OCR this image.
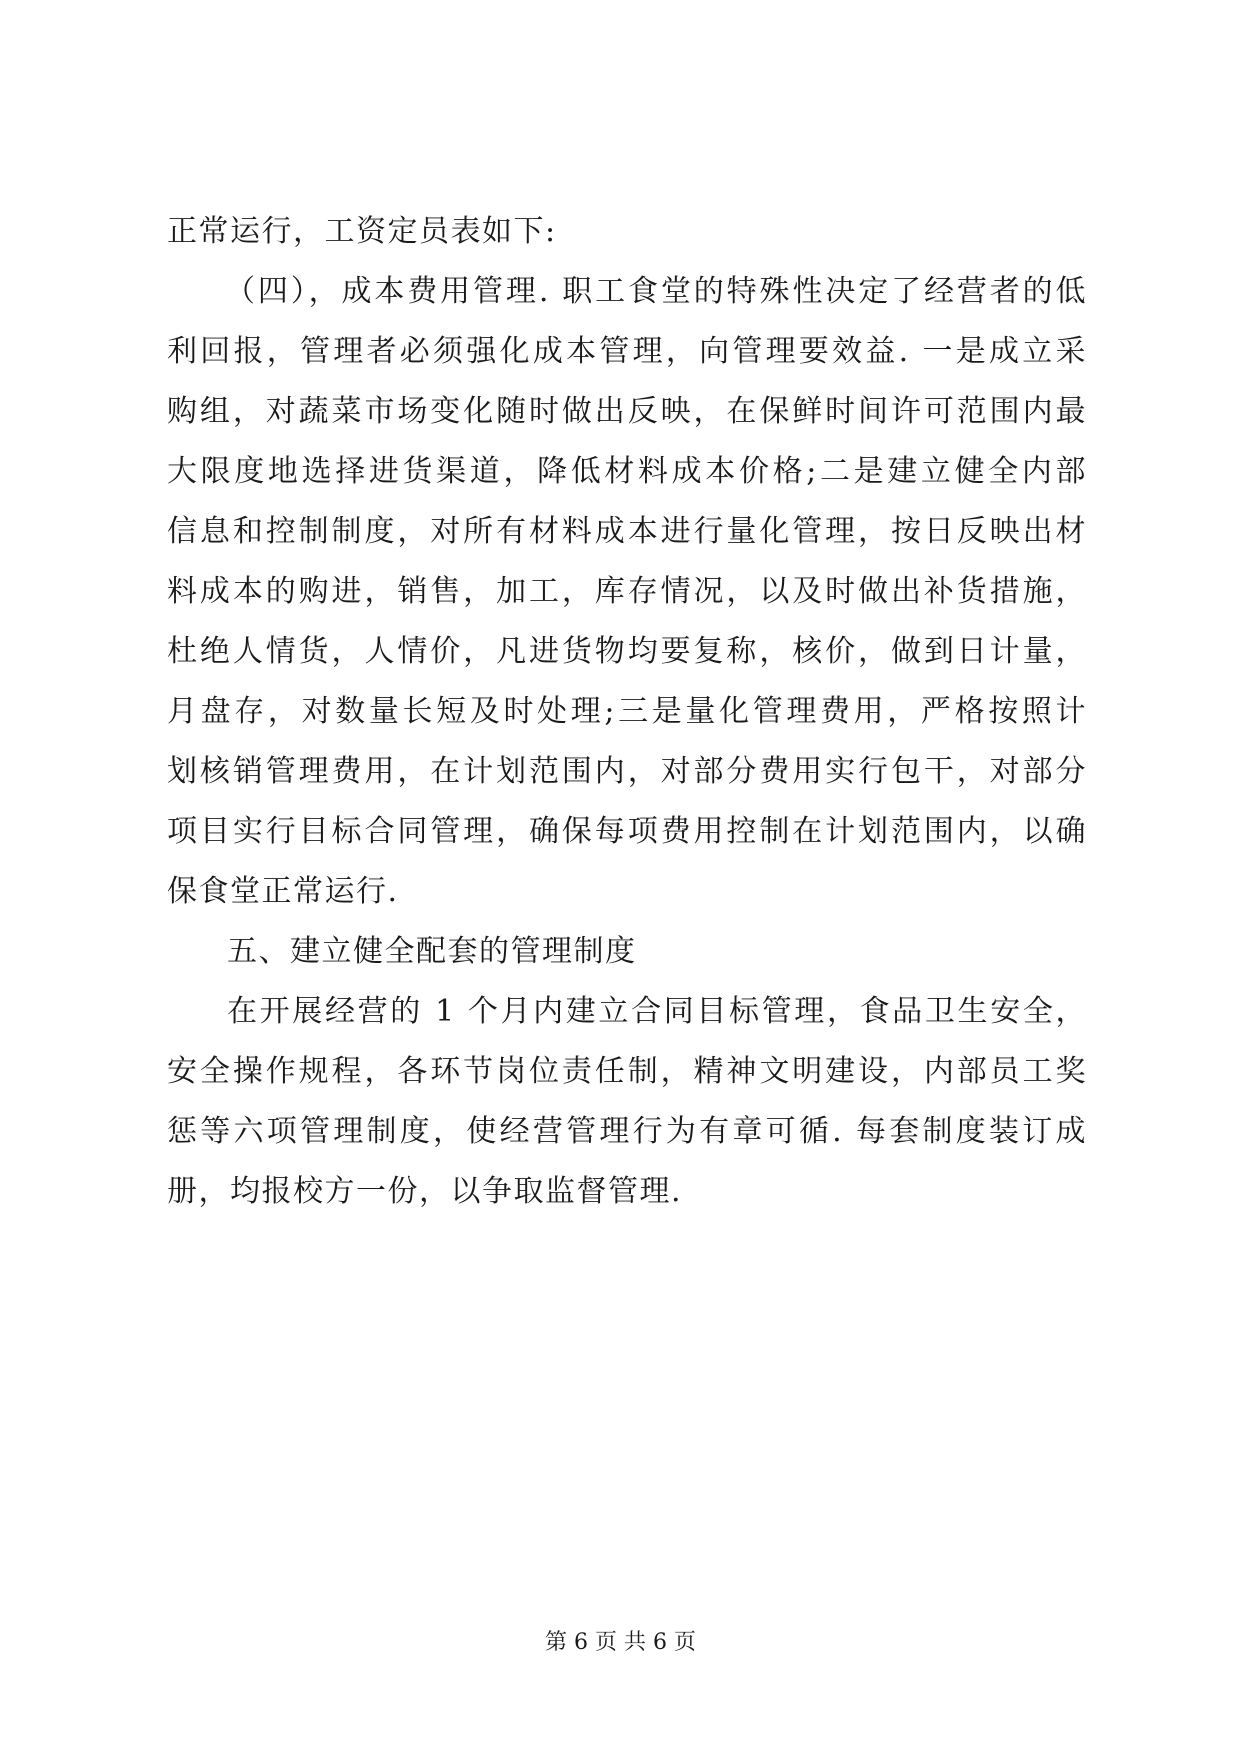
正常运行，工资定员表如下:
（四），成本费用管理. 职工食堂的特殊性决定了经营者的低
利回报，管理者必须强化成本管理，向管理要效益. 一是成立采
购组，对蔬菜市场变化随时做出反映，在保鲜时间许可范围内最
大限度地选择进货渠道，降低材料成本价格;二是建立健全内部
信息和控制制度，对所有材料成本进行量化管理，按日反映出材
料成本的购进，销售，加工，库存情况，以及时做出补货措施，
杜绝人情货，人情价，凡进货物均要复称，核价，做到日计量，
月盘存，对数量长短及时处理;三是量化管理费用，严格按照计
划核销管理费用，在计划范围内，对部分费用实行包干，对部分
项目实行目标合同管理，确保每项费用控制在计划范围内，以确
保食堂正常运行.
五、建立健全配套的管理制度
在开展经营的 1 个月内建立合同目标管理，食品卫生安全，
安全操作规程，各环节岗位责任制，精神文明建设，内部员工奖
惩等六项管理制度，使经营管理行为有章可循. 每套制度装订成
册，均报校方一份，以争取监督管理.
第 6 页 共 6 页
